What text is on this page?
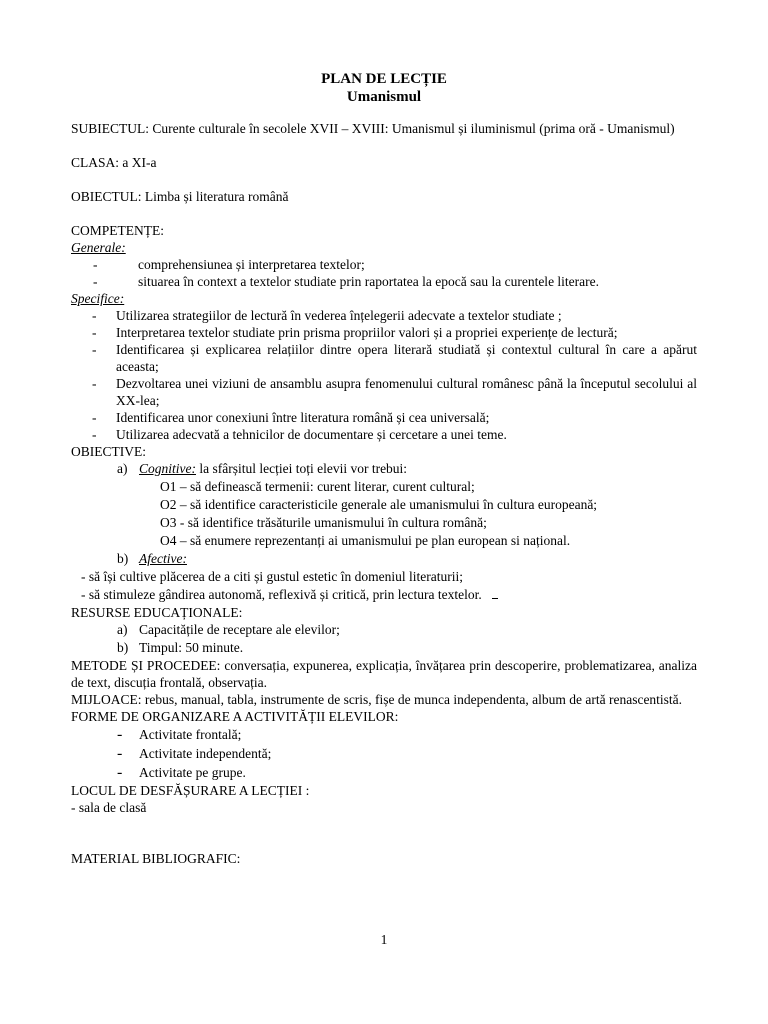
PLAN DE LECȚIE
Umanismul
SUBIECTUL: Curente culturale în secolele XVII – XVIII: Umanismul și iluminismul (prima oră - Umanismul)
CLASA: a XI-a
OBIECTUL: Limba și literatura română
COMPETENȚE:
Generale:
-	comprehensiunea și interpretarea textelor;
-	situarea în context a textelor studiate prin raportatea la epocă sau la curentele literare.
Specifice:
-	Utilizarea strategiilor de lectură în vederea înțelegerii adecvate a textelor studiate ;
-	Interpretarea textelor studiate prin prisma propriilor valori și a propriei experiențe de lectură;
-	Identificarea și explicarea relațiilor dintre opera literară studiată și contextul cultural în care a apărut aceasta;
-	Dezvoltarea unei viziuni de ansamblu asupra fenomenului cultural românesc până la începutul secolului al XX-lea;
-	Identificarea unor conexiuni între literatura română și cea universală;
-	Utilizarea adecvată a tehnicilor de documentare și cercetare a unei teme.
OBIECTIVE:
a) Cognitive: la sfârșitul lecției toți elevii vor trebui:
O1 – să definească termenii: curent literar, curent cultural;
O2 – să identifice caracteristicile generale ale umanismului în cultura europeană;
O3 - să identifice trăsăturile umanismului în cultura română;
O4 – să enumere reprezentanți ai umanismului pe plan european si național.
b) Afective:
- să își cultive plăcerea de a citi și gustul estetic în domeniul literaturii;
- să stimuleze gândirea autonomă, reflexivă și critică, prin lectura textelor.
RESURSE EDUCAȚIONALE:
a) Capacitățile de receptare ale elevilor;
b) Timpul: 50 minute.
METODE ȘI PROCEDEE: conversația, expunerea, explicația, învățarea prin descoperire, problematizarea, analiza de text, discuția frontală, observația.
MIJLOACE: rebus, manual, tabla, instrumente de scris, fișe de munca independenta, album de artă renascentistă.
FORME DE ORGANIZARE A ACTIVITĂȚII ELEVILOR:
- Activitate frontală;
- Activitate independentă;
- Activitate pe grupe.
LOCUL DE DESFĂȘURARE A LECȚIEI :
- sala de clasă
MATERIAL BIBLIOGRAFIC:
1
